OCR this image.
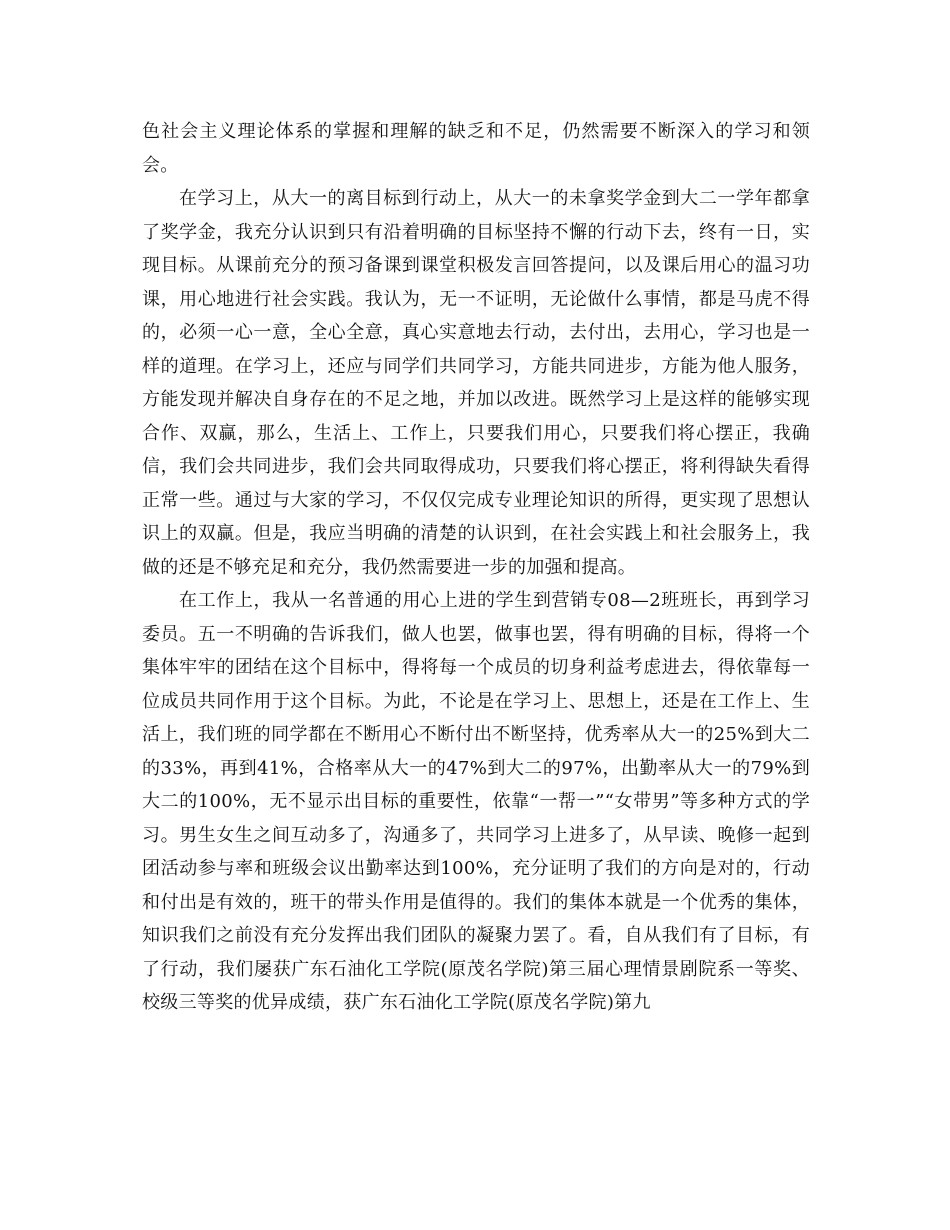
色社会主义理论体系的掌握和理解的缺乏和不足，仍然需要不断深入的学习和领会。

在学习上，从大一的离目标到行动上，从大一的未拿奖学金到大二一学年都拿了奖学金，我充分认识到只有沿着明确的目标坚持不懈的行动下去，终有一日，实现目标。从课前充分的预习备课到课堂积极发言回答提问，以及课后用心的温习功课，用心地进行社会实践。我认为，无一不证明，无论做什么事情，都是马虎不得的，必须一心一意，全心全意，真心实意地去行动，去付出，去用心，学习也是一样的道理。在学习上，还应与同学们共同学习，方能共同进步，方能为他人服务，方能发现并解决自身存在的不足之地，并加以改进。既然学习上是这样的能够实现合作、双赢，那么，生活上、工作上，只要我们用心，只要我们将心摆正，我确信，我们会共同进步，我们会共同取得成功，只要我们将心摆正，将利得缺失看得正常一些。通过与大家的学习，不仅仅完成专业理论知识的所得，更实现了思想认识上的双赢。但是，我应当明确的清楚的认识到，在社会实践上和社会服务上，我做的还是不够充足和充分，我仍然需要进一步的加强和提高。

在工作上，我从一名普通的用心上进的学生到营销专08—2班班长，再到学习委员。五一不明确的告诉我们，做人也罢，做事也罢，得有明确的目标，得将一个集体牢牢的团结在这个目标中，得将每一个成员的切身利益考虑进去，得依靠每一位成员共同作用于这个目标。为此，不论是在学习上、思想上，还是在工作上、生活上，我们班的同学都在不断用心不断付出不断坚持，优秀率从大一的25%到大二的33%，再到41%，合格率从大一的47%到大二的97%，出勤率从大一的79%到大二的100%，无不显示出目标的重要性，依靠“一帮一”“女带男”等多种方式的学习。男生女生之间互动多了，沟通多了，共同学习上进多了，从早读、晚修一起到团活动参与率和班级会议出勤率达到100%，充分证明了我们的方向是对的，行动和付出是有效的，班干的带头作用是值得的。我们的集体本就是一个优秀的集体，知识我们之前没有充分发挥出我们团队的凝聚力罢了。看，自从我们有了目标，有了行动，我们屡获广东石油化工学院(原茂名学院)第三届心理情景剧院系一等奖、校级三等奖的优异成绩，获广东石油化工学院(原茂名学院)第九
